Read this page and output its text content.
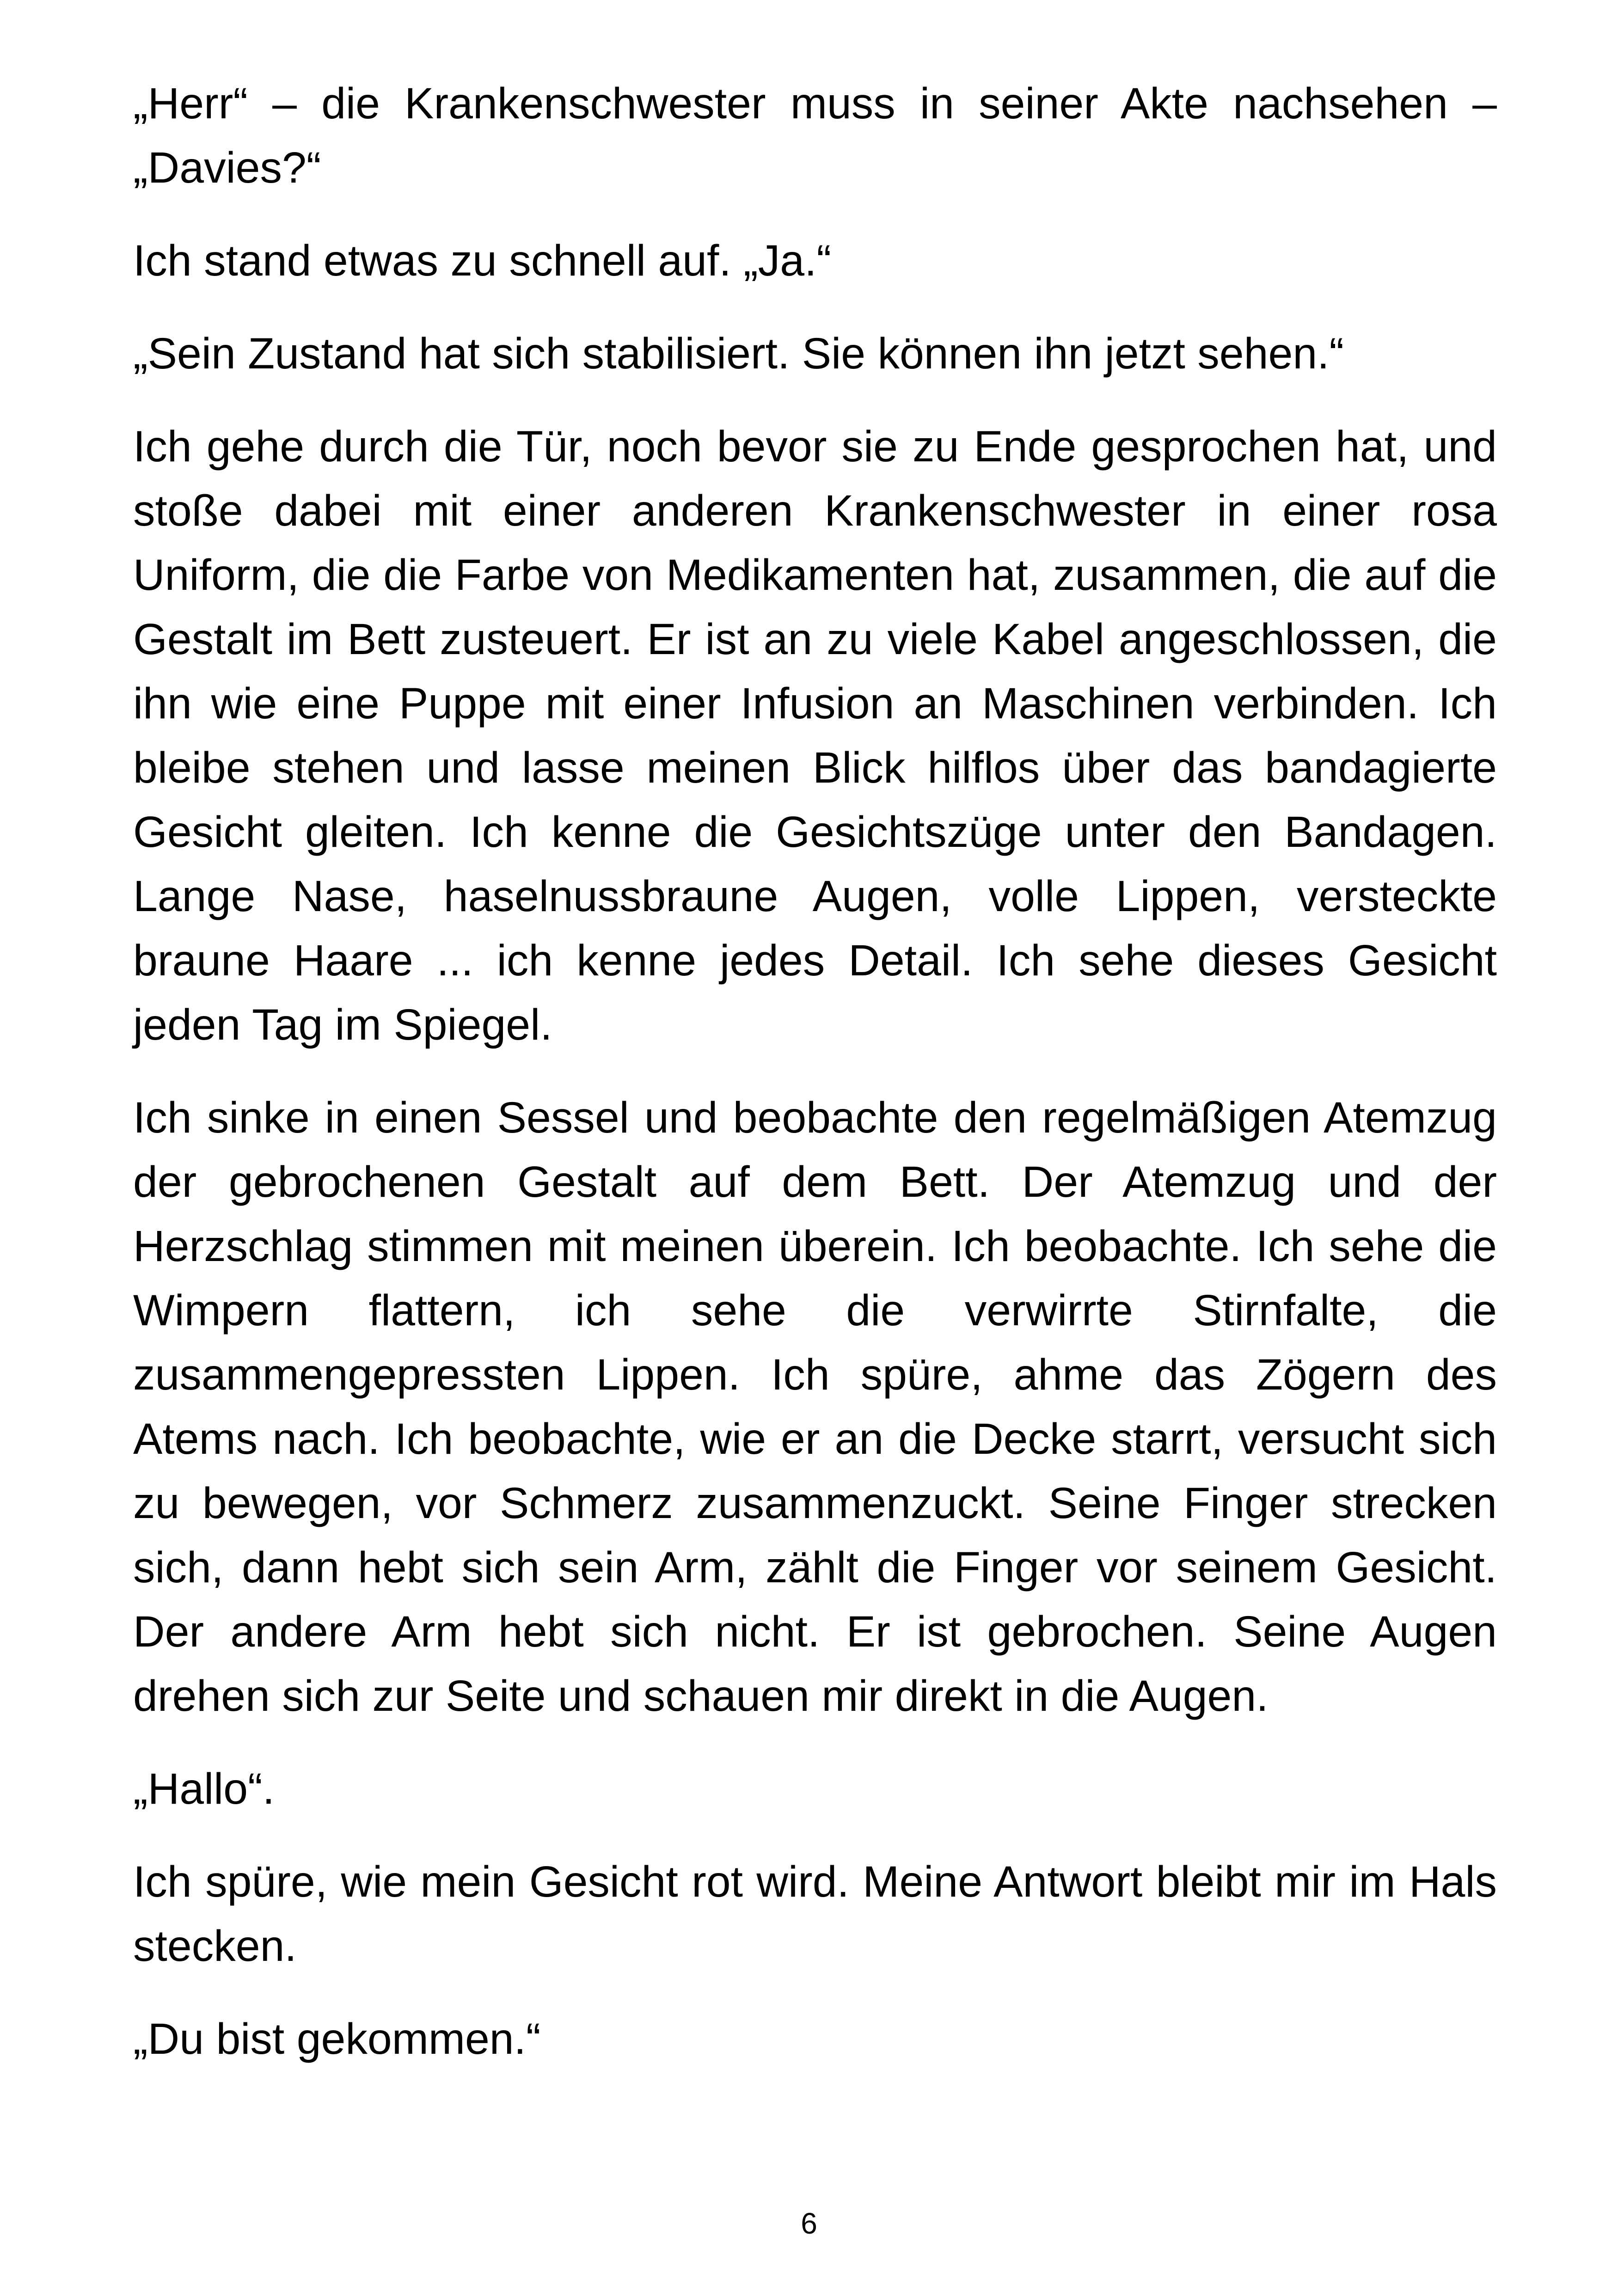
„Herr“ – die Krankenschwester muss in seiner Akte nachsehen – „Davies?“

Ich stand etwas zu schnell auf. „Ja.“

„Sein Zustand hat sich stabilisiert. Sie können ihn jetzt sehen.“

Ich gehe durch die Tür, noch bevor sie zu Ende gesprochen hat, und stoße dabei mit einer anderen Krankenschwester in einer rosa Uniform, die die Farbe von Medikamenten hat, zusammen, die auf die Gestalt im Bett zusteuert. Er ist an zu viele Kabel angeschlossen, die ihn wie eine Puppe mit einer Infusion an Maschinen verbinden. Ich bleibe stehen und lasse meinen Blick hilflos über das bandagierte Gesicht gleiten. Ich kenne die Gesichtszüge unter den Bandagen. Lange Nase, haselnussbraune Augen, volle Lippen, versteckte braune Haare ... ich kenne jedes Detail. Ich sehe dieses Gesicht jeden Tag im Spiegel.

Ich sinke in einen Sessel und beobachte den regelmäßigen Atemzug der gebrochenen Gestalt auf dem Bett. Der Atemzug und der Herzschlag stimmen mit meinen überein. Ich beobachte. Ich sehe die Wimpern flattern, ich sehe die verwirrte Stirnfalte, die zusammengepressten Lippen. Ich spüre, ahme das Zögern des Atems nach. Ich beobachte, wie er an die Decke starrt, versucht sich zu bewegen, vor Schmerz zusammenzuckt. Seine Finger strecken sich, dann hebt sich sein Arm, zählt die Finger vor seinem Gesicht. Der andere Arm hebt sich nicht. Er ist gebrochen. Seine Augen drehen sich zur Seite und schauen mir direkt in die Augen.

„Hallo“.

Ich spüre, wie mein Gesicht rot wird. Meine Antwort bleibt mir im Hals stecken.

„Du bist gekommen.“

6
